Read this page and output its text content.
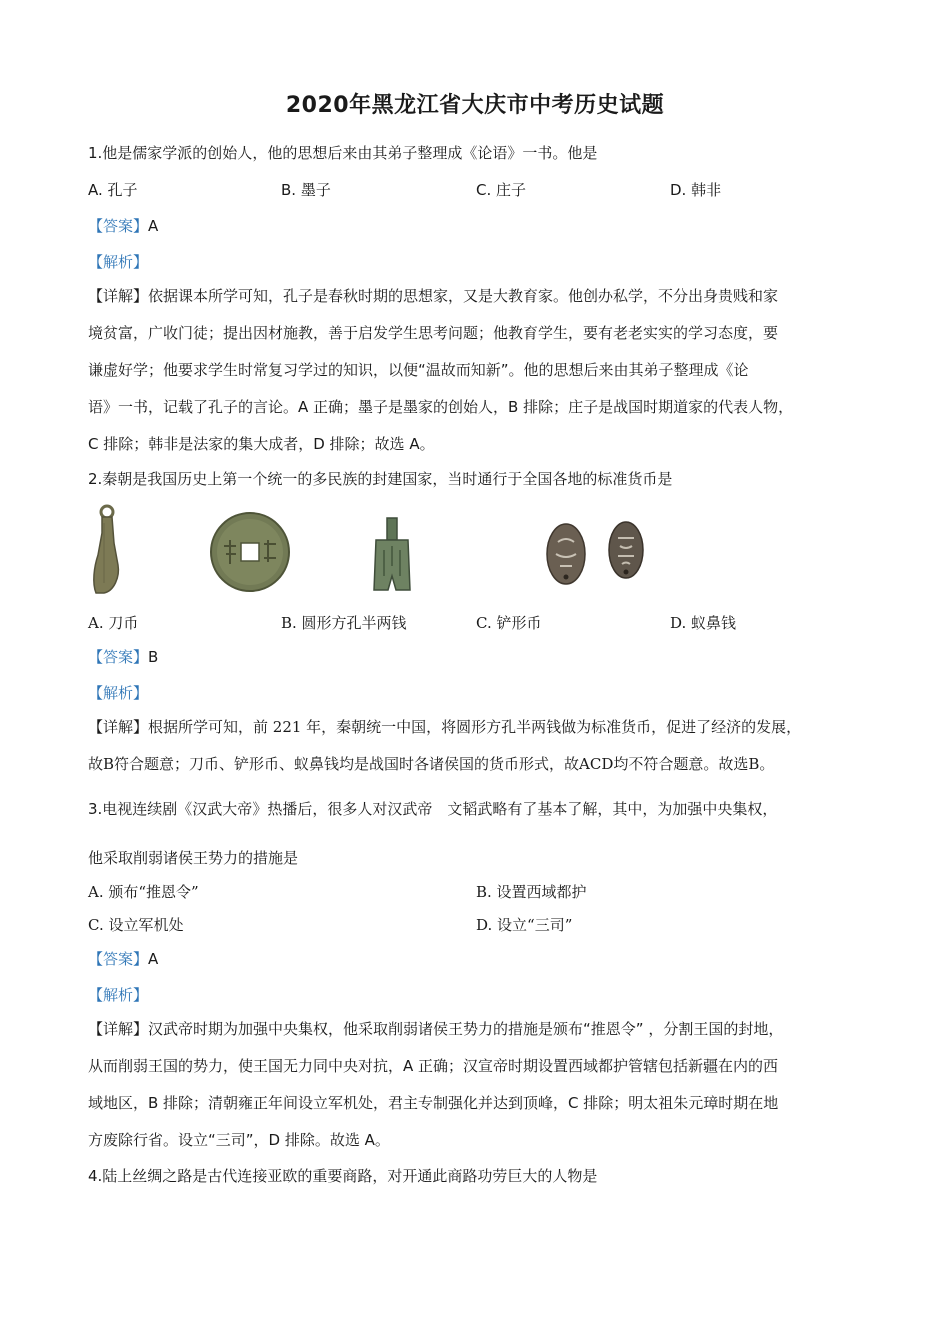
2020年黑龙江省大庆市中考历史试题
1.他是儒家学派的创始人，他的思想后来由其弟子整理成《论语》一书。他是
A. 孔子	B. 墨子	C. 庄子	D. 韩非
【答案】A
【解析】
【详解】依据课本所学可知，孔子是春秋时期的思想家，又是大教育家。他创办私学，不分出身贵贱和家
境贫富，广收门徒；提出因材施教，善于启发学生思考问题；他教育学生，要有老老实实的学习态度，要
谦虚好学；他要求学生时常复习学过的知识，以便“温故而知新”。他的思想后来由其弟子整理成《论
语》一书，记载了孔子的言论。A 正确；墨子是墨家的创始人，B 排除；庄子是战国时期道家的代表人物，
C 排除；韩非是法家的集大成者，D 排除；故选 A。
2.秦朝是我国历史上第一个统一的多民族的封建国家，当时通行于全国各地的标准货币是
A. 刀币	B. 圆形方孔半两钱	C. 铲形币	D. 蚁鼻钱
【答案】B
【解析】
【详解】根据所学可知，前 221 年，秦朝统一中国，将圆形方孔半两钱做为标准货币，促进了经济的发展，
故B符合题意；刀币、铲形币、蚁鼻钱均是战国时各诸侯国的货币形式，故ACD均不符合题意。故选B。
3.电视连续剧《汉武大帝》热播后，很多人对汉武帝　文韬武略有了基本了解，其中，为加强中央集权，
他采取削弱诸侯王势力的措施是
A. 颁布“推恩令”	B. 设置西域都护
C. 设立军机处	D. 设立“三司”
【答案】A
【解析】
【详解】汉武帝时期为加强中央集权，他采取削弱诸侯王势力的措施是颁布“推恩令” ，分割王国的封地，
从而削弱王国的势力，使王国无力同中央对抗，A 正确；汉宣帝时期设置西域都护管辖包括新疆在内的西
域地区，B 排除；清朝雍正年间设立军机处，君主专制强化并达到顶峰，C 排除；明太祖朱元璋时期在地
方废除行省。设立“三司”，D 排除。故选 A。
4.陆上丝绸之路是古代连接亚欧的重要商路，对开通此商路功劳巨大的人物是
